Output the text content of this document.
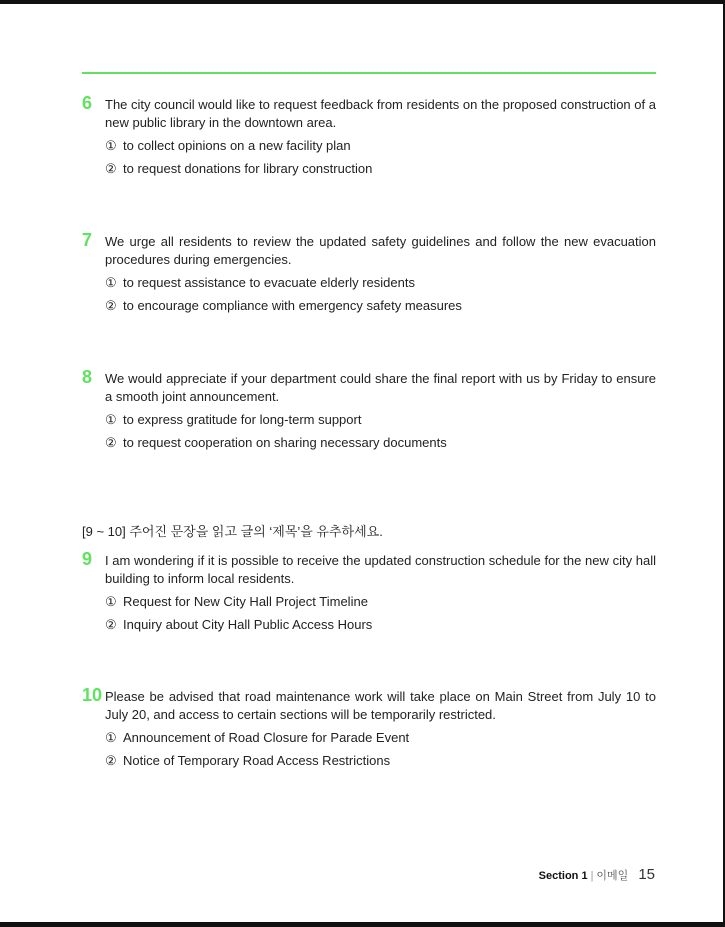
6 The city council would like to request feedback from residents on the proposed construction of a new public library in the downtown area.
① to collect opinions on a new facility plan
② to request donations for library construction
7 We urge all residents to review the updated safety guidelines and follow the new evacuation procedures during emergencies.
① to request assistance to evacuate elderly residents
② to encourage compliance with emergency safety measures
8 We would appreciate if your department could share the final report with us by Friday to ensure a smooth joint announcement.
① to express gratitude for long-term support
② to request cooperation on sharing necessary documents
[9 ~ 10] 주어진 문장을 읽고 글의 ‘제목’을 유추하세요.
9 I am wondering if it is possible to receive the updated construction schedule for the new city hall building to inform local residents.
① Request for New City Hall Project Timeline
② Inquiry about City Hall Public Access Hours
10 Please be advised that road maintenance work will take place on Main Street from July 10 to July 20, and access to certain sections will be temporarily restricted.
① Announcement of Road Closure for Parade Event
② Notice of Temporary Road Access Restrictions
Section 1 | 이메일 15
